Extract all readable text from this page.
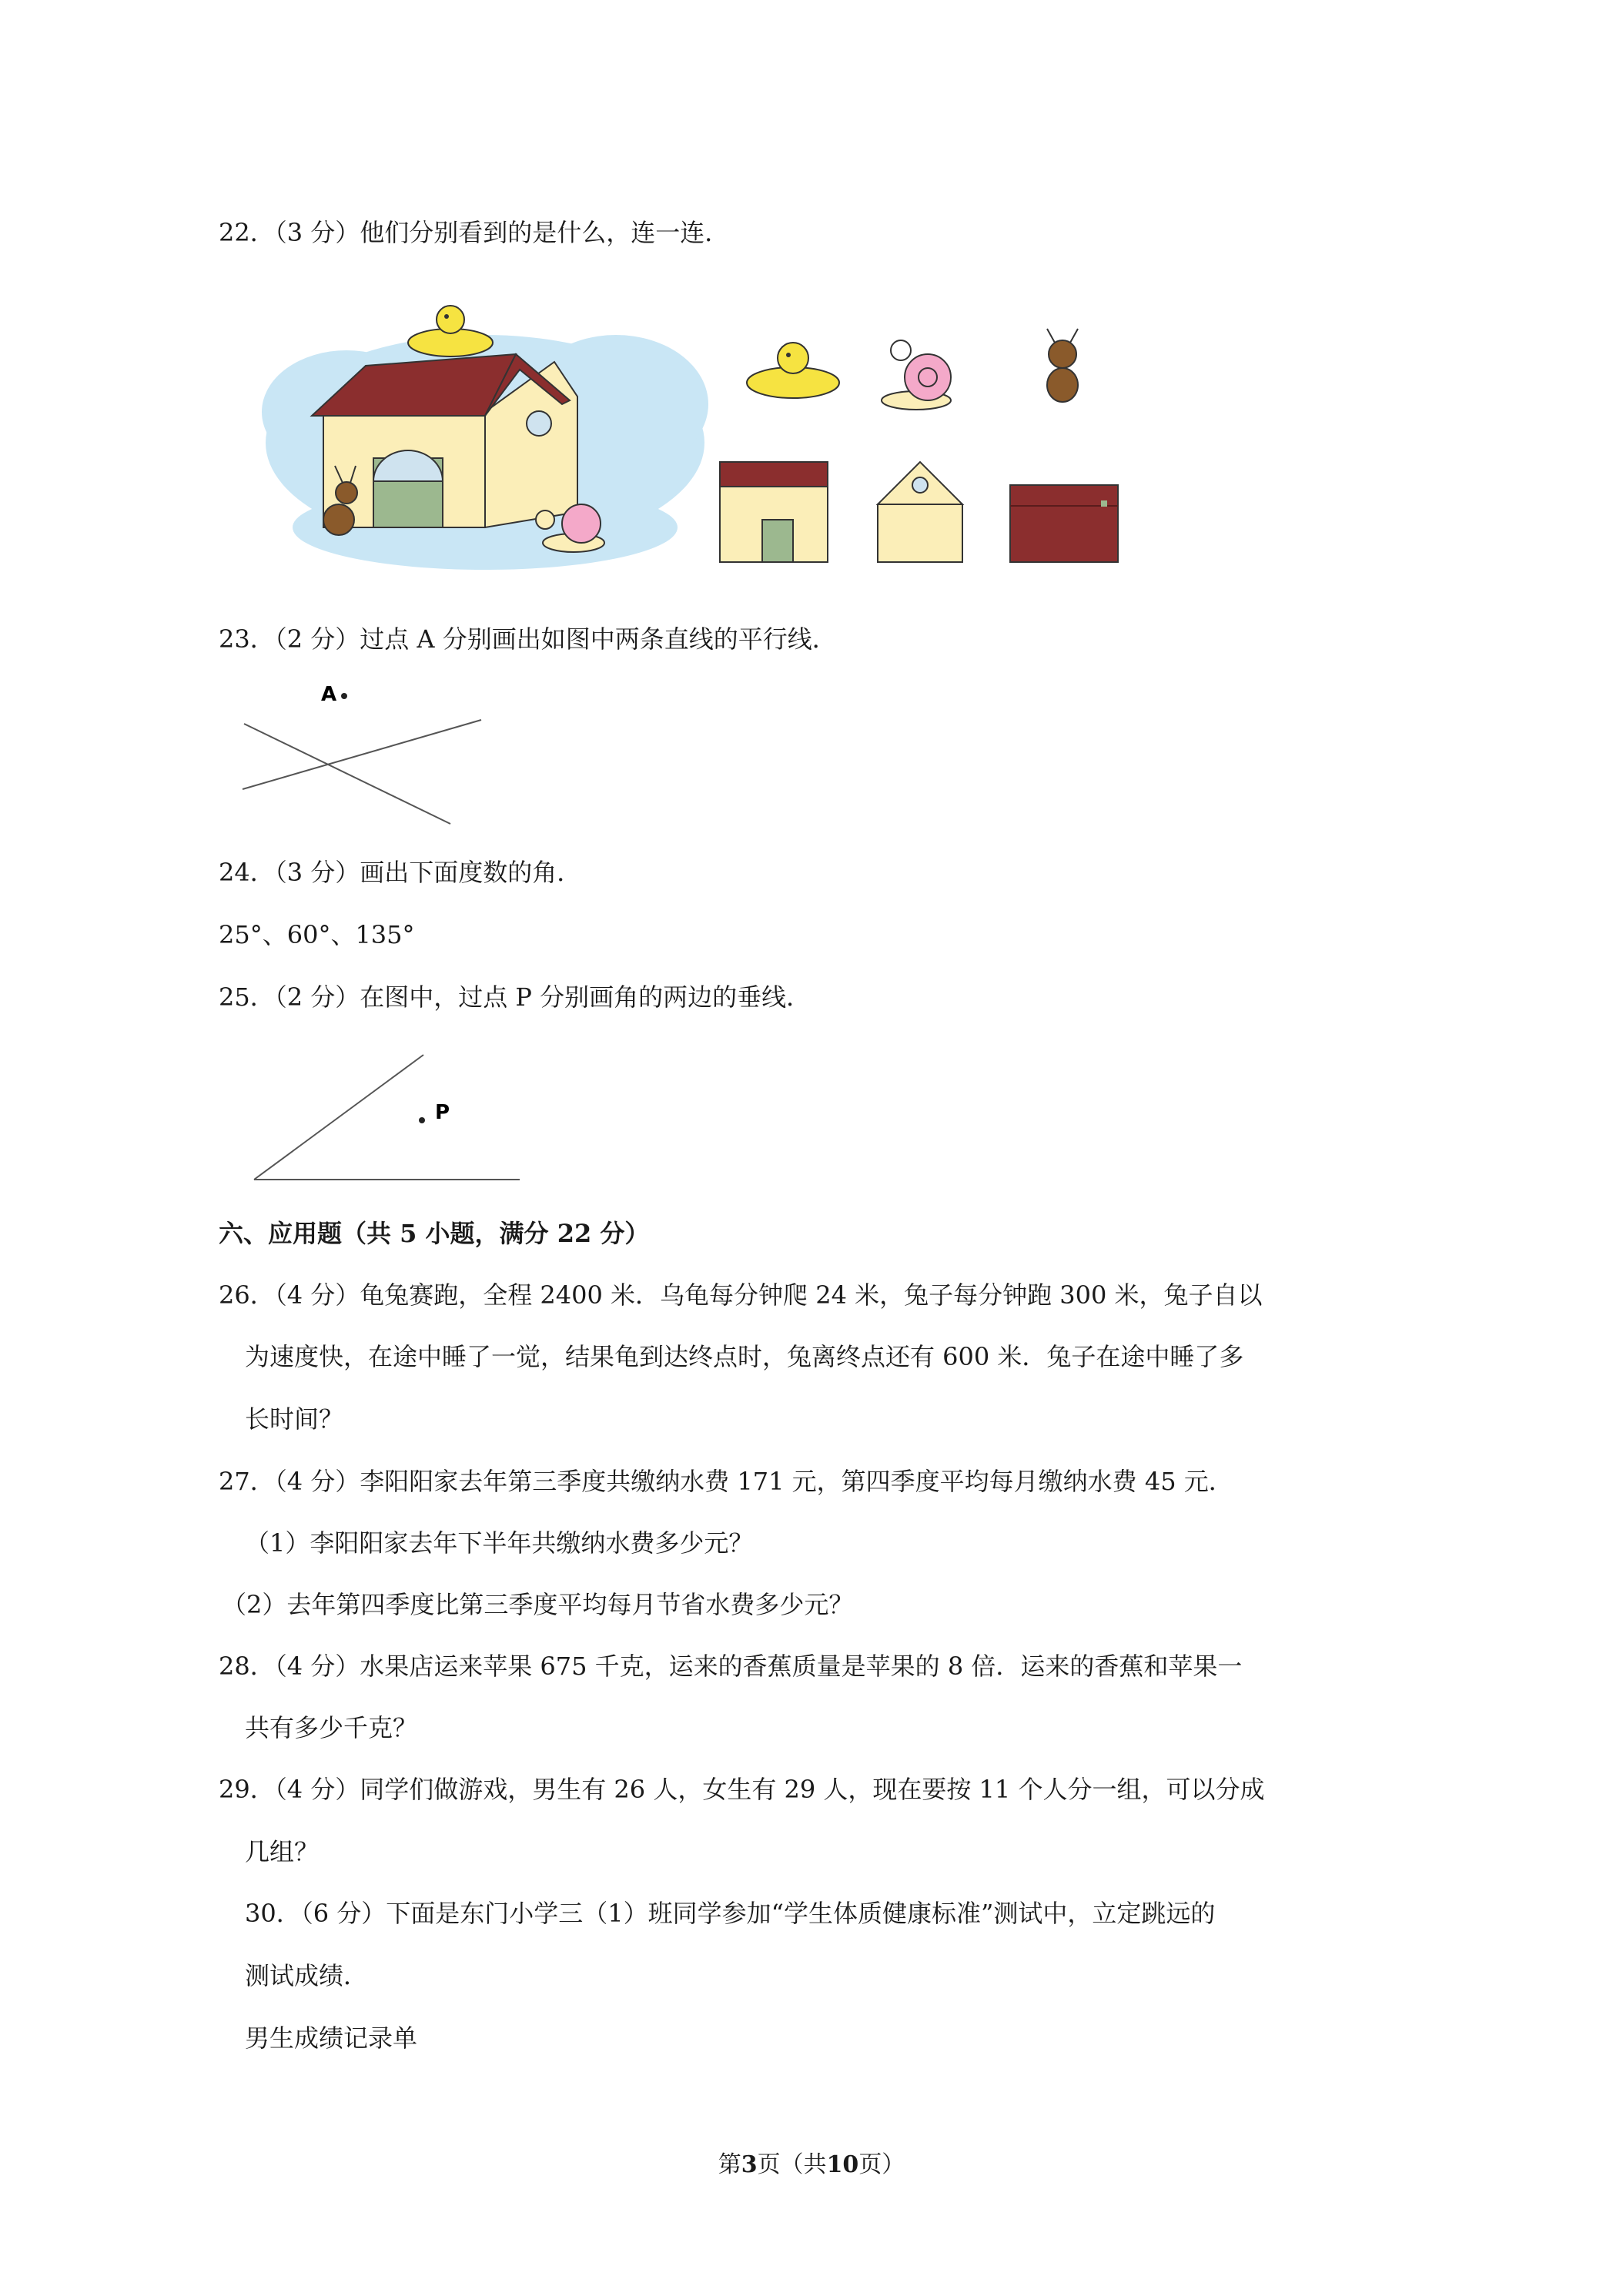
22．（3 分）他们分别看到的是什么，连一连．
23．（2 分）过点 A 分别画出如图中两条直线的平行线．
A
24．（3 分）画出下面度数的角．
25°、60°、135°
25．（2 分）在图中，过点 P 分别画角的两边的垂线．
P
六、应用题（共 5 小题，满分 22 分）
26．（4 分）龟兔赛跑，全程 2400 米．乌龟每分钟爬 24 米，兔子每分钟跑 300 米，兔子自以
为速度快，在途中睡了一觉，结果龟到达终点时，兔离终点还有 600 米．兔子在途中睡了多
长时间？
27．（4 分）李阳阳家去年第三季度共缴纳水费 171 元，第四季度平均每月缴纳水费 45 元．
（1）李阳阳家去年下半年共缴纳水费多少元？
（2）去年第四季度比第三季度平均每月节省水费多少元？
28．（4 分）水果店运来苹果 675 千克，运来的香蕉质量是苹果的 8 倍．运来的香蕉和苹果一
共有多少千克？
29．（4 分）同学们做游戏，男生有 26 人，女生有 29 人，现在要按 11 个人分一组，可以分成
几组？
30．（6 分）下面是东门小学三（1）班同学参加“学生体质健康标准”测试中，立定跳远的
测试成绩．
男生成绩记录单
第3页（共10页）
